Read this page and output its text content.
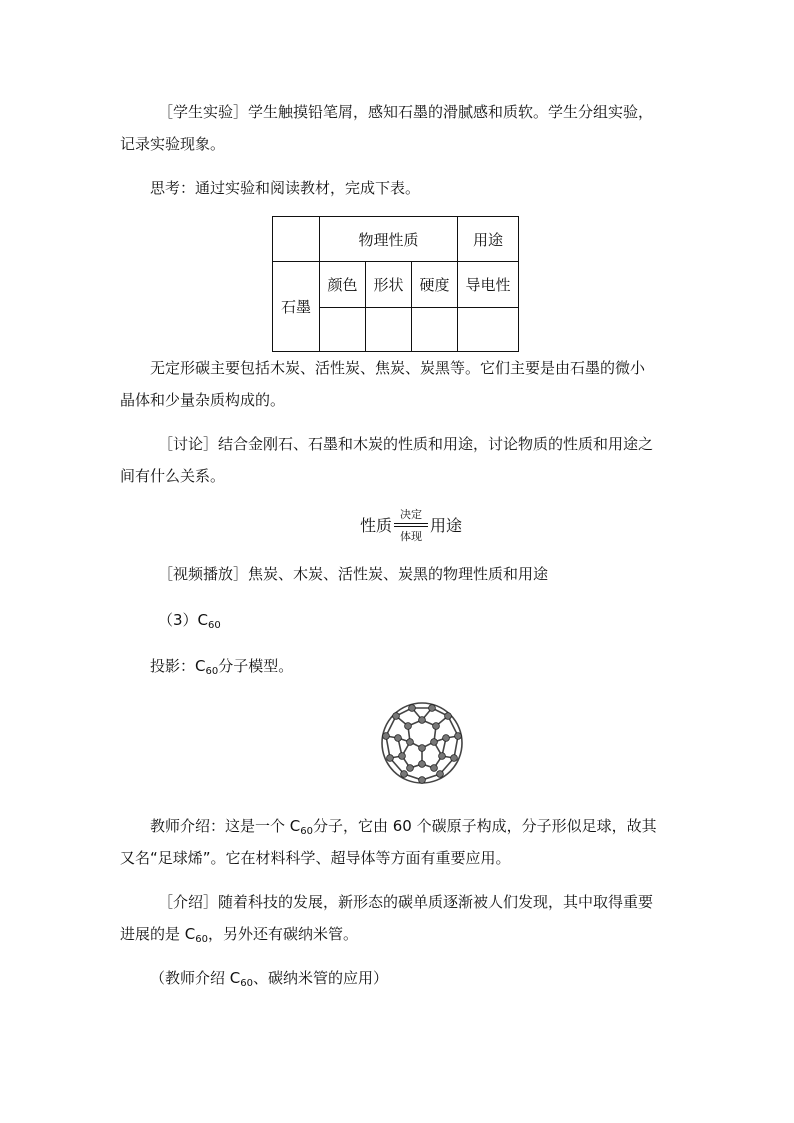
［学生实验］学生触摸铅笔屑，感知石墨的滑腻感和质软。学生分组实验，
记录实验现象。
思考：通过实验和阅读教材，完成下表。
	物理性质			用途
石墨	颜色	形状	硬度	导电性

无定形碳主要包括木炭、活性炭、焦炭、炭黑等。它们主要是由石墨的微小
晶体和少量杂质构成的。
［讨论］结合金刚石、石墨和木炭的性质和用途，讨论物质的性质和用途之
间有什么关系。
性质
决定
体现
用途
［视频播放］焦炭、木炭、活性炭、炭黑的物理性质和用途
$(3)C_{60}$
投影：$C_{60}$分子模型。
教师介绍：这是一个 $C_{60}$分子，它由 60 个碳原子构成，分子形似足球，故其
又名“足球烯”。它在材料科学、超导体等方面有重要应用。
［介绍］随着科技的发展，新形态的碳单质逐渐被人们发现，其中取得重要
进展的是 $C_{60}$，另外还有碳纳米管。
（教师介绍 $C_{60}$、碳纳米管的应用）
